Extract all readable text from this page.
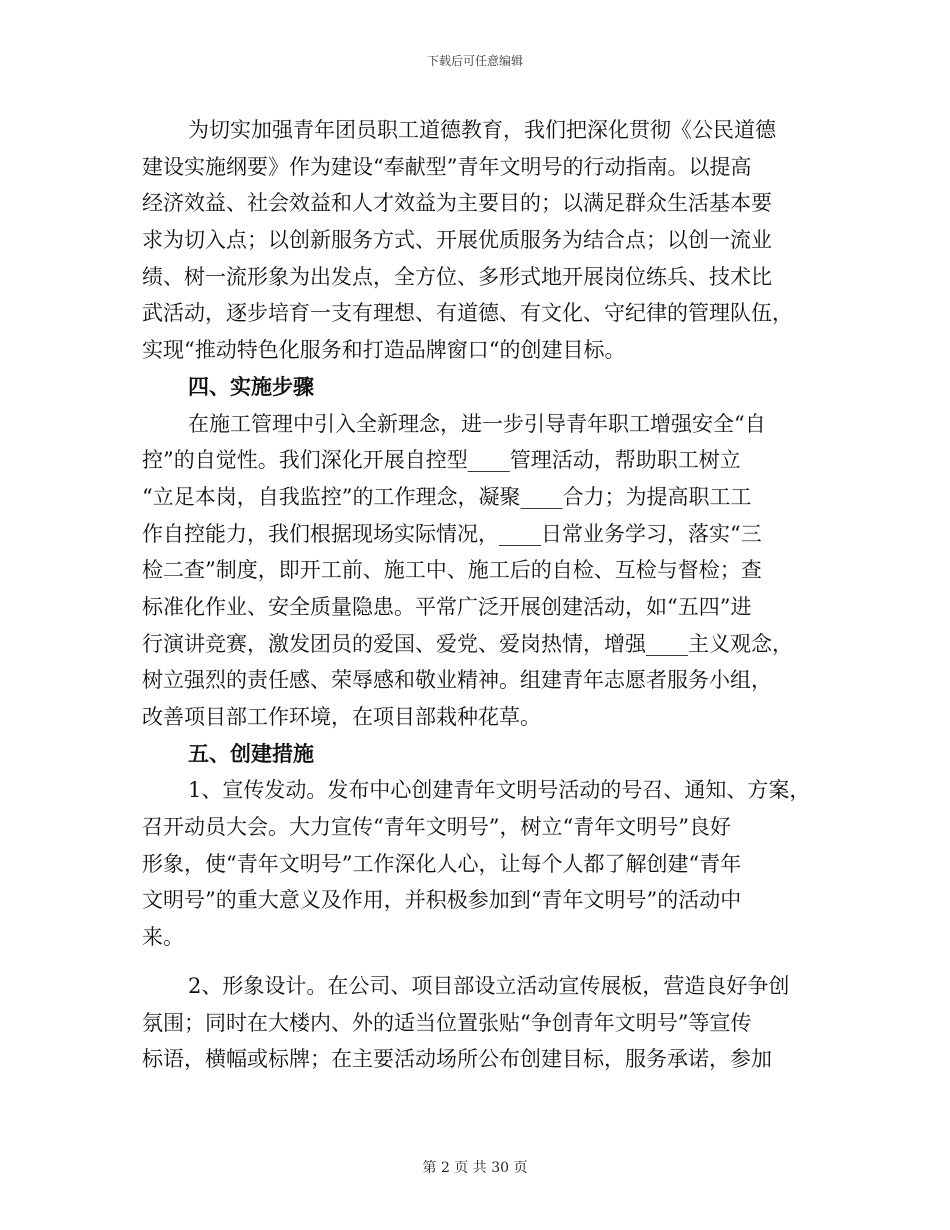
下载后可任意编辑
为切实加强青年团员职工道德教育，我们把深化贯彻《公民道德
建设实施纲要》作为建设“奉献型”青年文明号的行动指南。以提高
经济效益、社会效益和人才效益为主要目的；以满足群众生活基本要
求为切入点；以创新服务方式、开展优质服务为结合点；以创一流业
绩、树一流形象为出发点，全方位、多形式地开展岗位练兵、技术比
武活动，逐步培育一支有理想、有道德、有文化、守纪律的管理队伍，
实现“推动特色化服务和打造品牌窗口“的创建目标。
四、实施步骤
在施工管理中引入全新理念，进一步引导青年职工增强安全“自
控”的自觉性。我们深化开展自控型____管理活动，帮助职工树立
“立足本岗，自我监控”的工作理念，凝聚____合力；为提高职工工
作自控能力，我们根据现场实际情况，____日常业务学习，落实“三
检二查”制度，即开工前、施工中、施工后的自检、互检与督检；查
标准化作业、安全质量隐患。平常广泛开展创建活动，如“五四”进
行演讲竞赛，激发团员的爱国、爱党、爱岗热情，增强____主义观念，
树立强烈的责任感、荣辱感和敬业精神。组建青年志愿者服务小组，
改善项目部工作环境，在项目部栽种花草。
五、创建措施
1、宣传发动。发布中心创建青年文明号活动的号召、通知、方案，
召开动员大会。大力宣传“青年文明号”，树立“青年文明号”良好
形象，使“青年文明号”工作深化人心，让每个人都了解创建“青年
文明号”的重大意义及作用，并积极参加到“青年文明号”的活动中
来。
2、形象设计。在公司、项目部设立活动宣传展板，营造良好争创
氛围；同时在大楼内、外的适当位置张贴“争创青年文明号”等宣传
标语，横幅或标牌；在主要活动场所公布创建目标，服务承诺，参加
第 2 页 共 30 页
